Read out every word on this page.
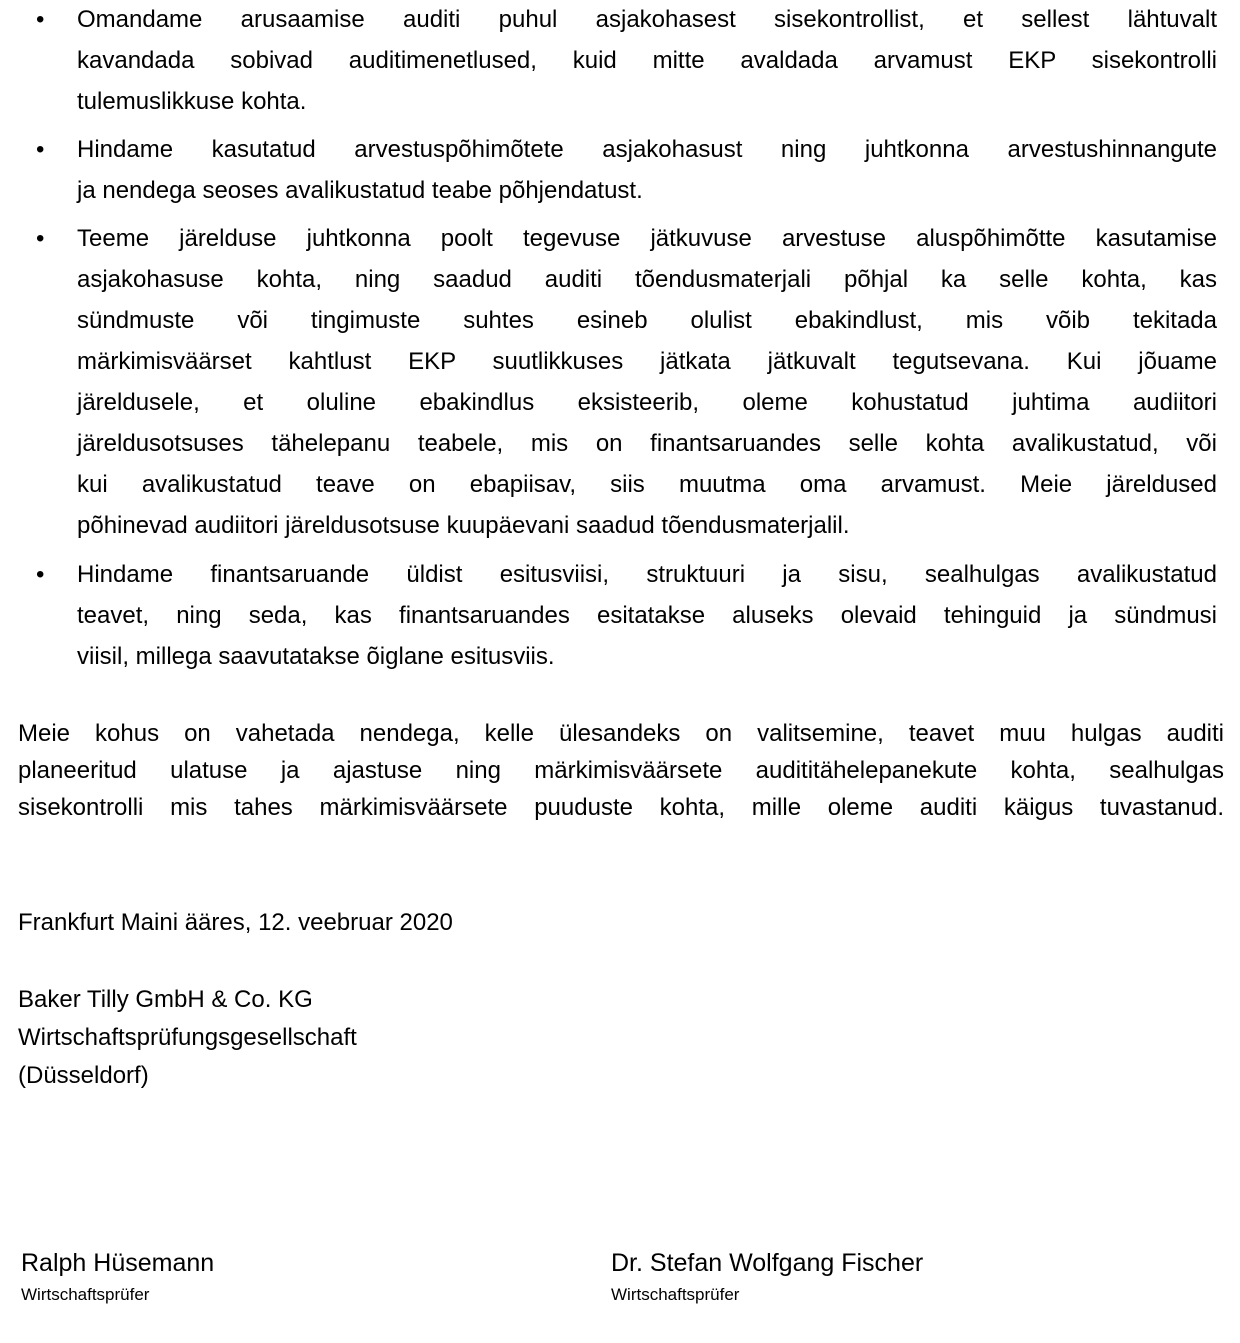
• Omandame arusaamise auditi puhul asjakohasest sisekontrollist, et sellest lähtuvalt
kavandada sobivad auditimenetlused, kuid mitte avaldada arvamust EKP sisekontrolli
tulemuslikkuse kohta.
• Hindame kasutatud arvestuspõhimõtete asjakohasust ning juhtkonna arvestushinnangute
ja nendega seoses avalikustatud teabe põhjendatust.
• Teeme järelduse juhtkonna poolt tegevuse jätkuvuse arvestuse aluspõhimõtte kasutamise
asjakohasuse kohta, ning saadud auditi tõendusmaterjali põhjal ka selle kohta, kas
sündmuste või tingimuste suhtes esineb olulist ebakindlust, mis võib tekitada
märkimisväärset kahtlust EKP suutlikkuses jätkata jätkuvalt tegutsevana. Kui jõuame
järeldusele, et oluline ebakindlus eksisteerib, oleme kohustatud juhtima audiitori
järeldusotsuses tähelepanu teabele, mis on finantsaruandes selle kohta avalikustatud, või
kui avalikustatud teave on ebapiisav, siis muutma oma arvamust. Meie järeldused
põhinevad audiitori järeldusotsuse kuupäevani saadud tõendusmaterjalil.
• Hindame finantsaruande üldist esitusviisi, struktuuri ja sisu, sealhulgas avalikustatud
teavet, ning seda, kas finantsaruandes esitatakse aluseks olevaid tehinguid ja sündmusi
viisil, millega saavutatakse õiglane esitusviis.
Meie kohus on vahetada nendega, kelle ülesandeks on valitsemine, teavet muu hulgas auditi
planeeritud ulatuse ja ajastuse ning märkimisväärsete audititähelepanekute kohta, sealhulgas
sisekontrolli mis tahes märkimisväärsete puuduste kohta, mille oleme auditi käigus tuvastanud.
Frankfurt Maini ääres, 12. veebruar 2020
Baker Tilly GmbH & Co. KG
Wirtschaftsprüfungsgesellschaft
(Düsseldorf)
Ralph Hüsemann
Wirtschaftsprüfer
Dr. Stefan Wolfgang Fischer
Wirtschaftsprüfer
